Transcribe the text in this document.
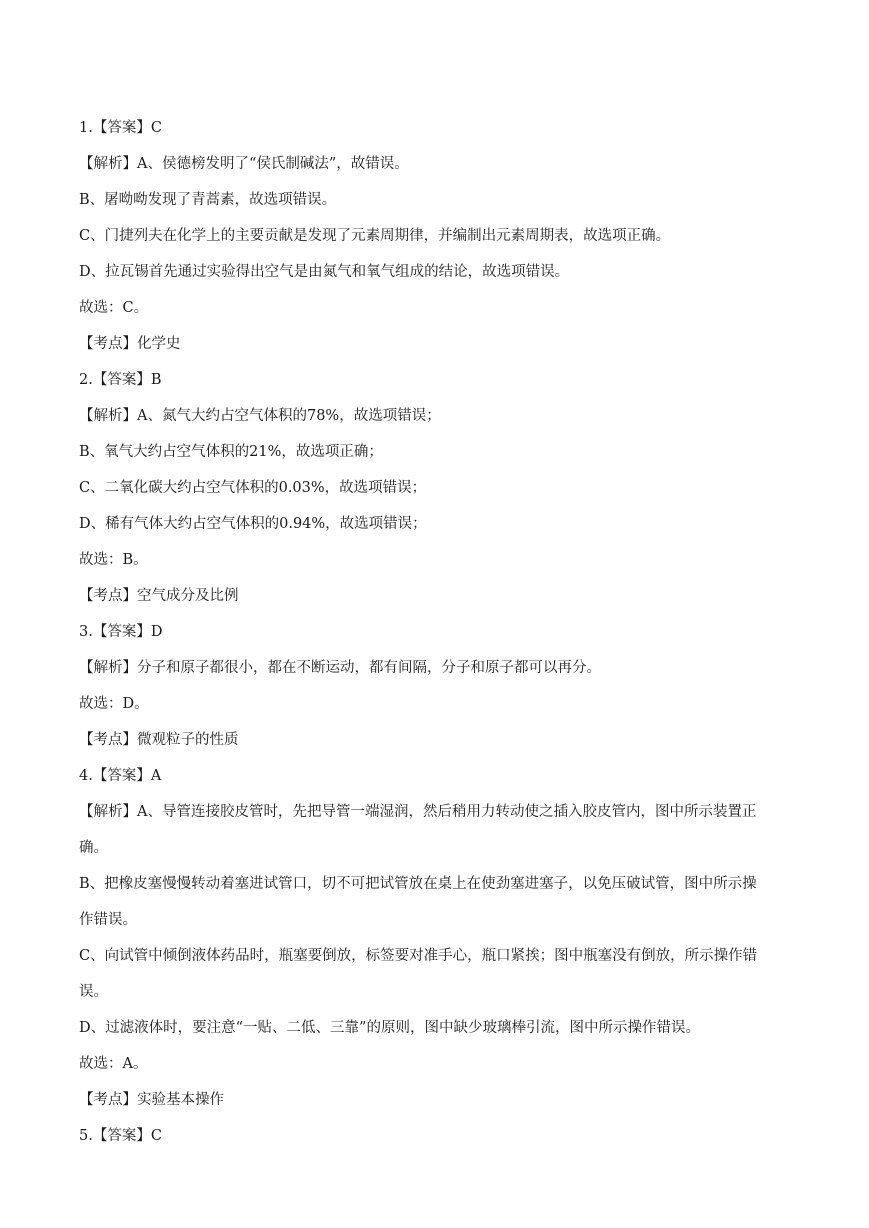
1.【答案】C
【解析】A、侯德榜发明了“侯氏制碱法”，故错误。
B、屠呦呦发现了青蒿素，故选项错误。
C、门捷列夫在化学上的主要贡献是发现了元素周期律，并编制出元素周期表，故选项正确。
D、拉瓦锡首先通过实验得出空气是由氮气和氧气组成的结论，故选项错误。
故选：C。
【考点】化学史
2.【答案】B
【解析】A、氮气大约占空气体积的78%，故选项错误；
B、氧气大约占空气体积的21%，故选项正确；
C、二氧化碳大约占空气体积的0.03%，故选项错误；
D、稀有气体大约占空气体积的0.94%，故选项错误；
故选：B。
【考点】空气成分及比例
3.【答案】D
【解析】分子和原子都很小，都在不断运动，都有间隔，分子和原子都可以再分。
故选：D。
【考点】微观粒子的性质
4.【答案】A
【解析】A、导管连接胶皮管时，先把导管一端湿润，然后稍用力转动使之插入胶皮管内，图中所示装置正
确。
B、把橡皮塞慢慢转动着塞进试管口，切不可把试管放在桌上在使劲塞进塞子，以免压破试管，图中所示操
作错误。
C、向试管中倾倒液体药品时，瓶塞要倒放，标签要对准手心，瓶口紧挨；图中瓶塞没有倒放，所示操作错
误。
D、过滤液体时，要注意“一贴、二低、三靠”的原则，图中缺少玻璃棒引流，图中所示操作错误。
故选：A。
【考点】实验基本操作
5.【答案】C
